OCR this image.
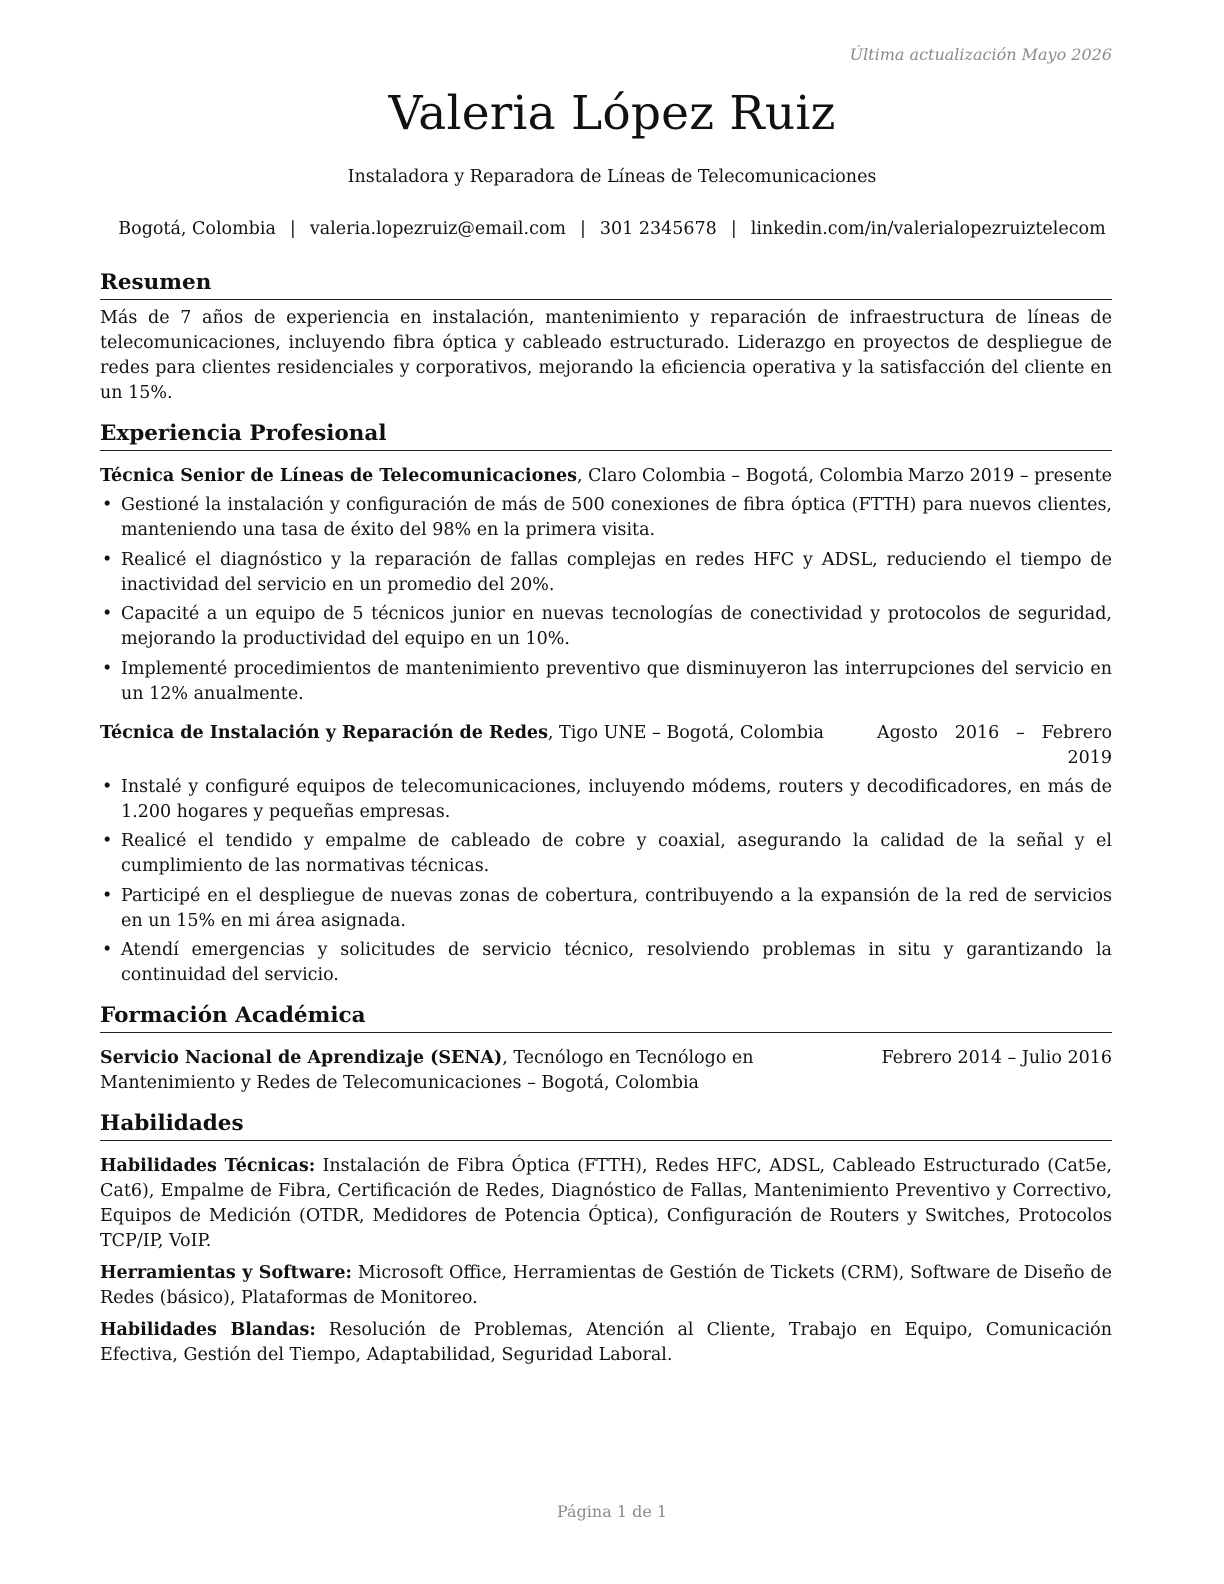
Última actualización Mayo 2026
Valeria López Ruiz
Instaladora y Reparadora de Líneas de Telecomunicaciones
Bogotá, Colombia | valeria.lopezruiz@email.com | 301 2345678 | linkedin.com/in/valerialopezruiztelecom
Resumen

Más de 7 años de experiencia en instalación, mantenimiento y reparación de infraestructura de líneas de telecomunicaciones, incluyendo fibra óptica y cableado estructurado. Liderazgo en proyectos de despliegue de redes para clientes residenciales y corporativos, mejorando la eficiencia operativa y la satisfacción del cliente en un 15%.

Experiencia Profesional
Técnica Senior de Líneas de Telecomunicaciones, Claro Colombia – Bogotá, Colombia Marzo 2019 – presente
• Gestioné la instalación y configuración de más de 500 conexiones de fibra óptica (FTTH) para nuevos clientes, manteniendo una tasa de éxito del 98% en la primera visita.
• Realicé el diagnóstico y la reparación de fallas complejas en redes HFC y ADSL, reduciendo el tiempo de inactividad del servicio en un promedio del 20%.
• Capacité a un equipo de 5 técnicos junior en nuevas tecnologías de conectividad y protocolos de seguridad, mejorando la productividad del equipo en un 10%.
• Implementé procedimientos de mantenimiento preventivo que disminuyeron las interrupciones del servicio en un 12% anualmente.
Técnica de Instalación y Reparación de Redes, Tigo UNE – Bogotá, Colombia	Agosto 2016 – Febrero 2019
• Instalé y configuré equipos de telecomunicaciones, incluyendo módems, routers y decodificadores, en más de 1.200 hogares y pequeñas empresas.
• Realicé el tendido y empalme de cableado de cobre y coaxial, asegurando la calidad de la señal y el cumplimiento de las normativas técnicas.
• Participé en el despliegue de nuevas zonas de cobertura, contribuyendo a la expansión de la red de servicios en un 15% en mi área asignada.
• Atendí emergencias y solicitudes de servicio técnico, resolviendo problemas in situ y garantizando la continuidad del servicio.
Formación Académica
Servicio Nacional de Aprendizaje (SENA), Tecnólogo en Tecnólogo en Mantenimiento y Redes de Telecomunicaciones – Bogotá, Colombia
Febrero 2014 – Julio 2016
Habilidades

Habilidades Técnicas: Instalación de Fibra Óptica (FTTH), Redes HFC, ADSL, Cableado Estructurado (Cat5e, Cat6), Empalme de Fibra, Certificación de Redes, Diagnóstico de Fallas, Mantenimiento Preventivo y Correctivo, Equipos de Medición (OTDR, Medidores de Potencia Óptica), Configuración de Routers y Switches, Protocolos TCP/IP, VoIP.

Herramientas y Software: Microsoft Office, Herramientas de Gestión de Tickets (CRM), Software de Diseño de Redes (básico), Plataformas de Monitoreo.

Habilidades Blandas: Resolución de Problemas, Atención al Cliente, Trabajo en Equipo, Comunicación Efectiva, Gestión del Tiempo, Adaptabilidad, Seguridad Laboral.

Página 1 de 1
